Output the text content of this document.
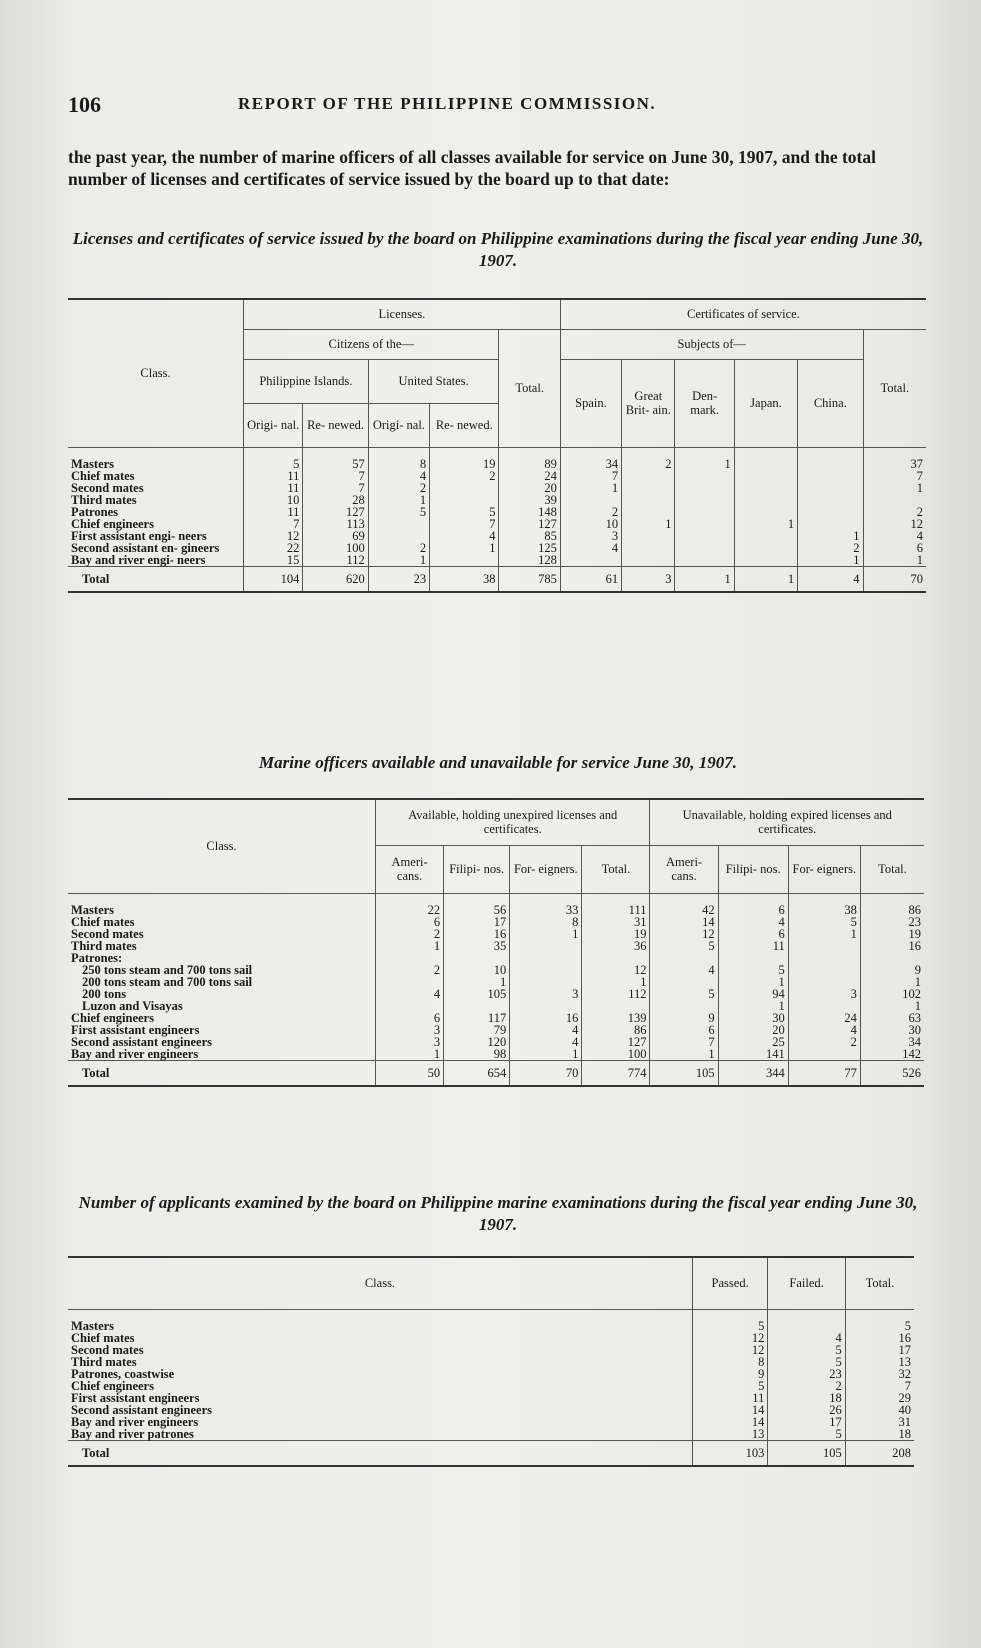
106	REPORT OF THE PHILIPPINE COMMISSION.
the past year, the number of marine officers of all classes available for service on June 30, 1907, and the total number of licenses and certificates of service issued by the board up to that date:
Licenses and certificates of service issued by the board on Philippine examinations during the fiscal year ending June 30, 1907.
Class.	Licenses.					Certificates of service.					
	Citizens of the—				Total.	Subjects of—					Total.
	Philippine Islands.		United States.			Spain.	Great Brit- ain.	Den- mark.	Japan.	China.	
	Origi- nal.	Re- newed.	Origi- nal.	Re- newed.							
Masters	5	57	8	19	89	34	2	1			37
Chief mates	11	7	4	2	24	7					7
Second mates	11	7	2		20	1					1
Third mates	10	28	1		39						
Patrones	11	127	5	5	148	2					2
Chief engineers	7	113		7	127	10	1		1		12
First assistant engi- neers	12	69		4	85	3				1	4
Second assistant en- gineers	22	100	2	1	125	4				2	6
Bay and river engi- neers	15	112	1		128					1	1
Total	104	620	23	38	785	61	3	1	1	4	70
Marine officers available and unavailable for service June 30, 1907.
Class.	Available, holding unexpired licenses and certificates.				Unavailable, holding expired licenses and certificates.			
	Ameri- cans.	Filipi- nos.	For- eigners.	Total.	Ameri- cans.	Filipi- nos.	For- eigners.	Total.
Masters	22	56	33	111	42	6	38	86
Chief mates	6	17	8	31	14	4	5	23
Second mates	2	16	1	19	12	6	1	19
Third mates	1	35		36	5	11		16
Patrones:								
250 tons steam and 700 tons sail	2	10		12	4	5		9
200 tons steam and 700 tons sail		1		1		1		1
200 tons	4	105	3	112	5	94	3	102
Luzon and Visayas						1		1
Chief engineers	6	117	16	139	9	30	24	63
First assistant engineers	3	79	4	86	6	20	4	30
Second assistant engineers	3	120	4	127	7	25	2	34
Bay and river engineers	1	98	1	100	1	141		142
Total	50	654	70	774	105	344	77	526
Number of applicants examined by the board on Philippine marine examinations during the fiscal year ending June 30, 1907.
Class.	Passed.	Failed.	Total.
Masters	5		5
Chief mates	12	4	16
Second mates	12	5	17
Third mates	8	5	13
Patrones, coastwise	9	23	32
Chief engineers	5	2	7
First assistant engineers	11	18	29
Second assistant engineers	14	26	40
Bay and river engineers	14	17	31
Bay and river patrones	13	5	18
Total	103	105	208
